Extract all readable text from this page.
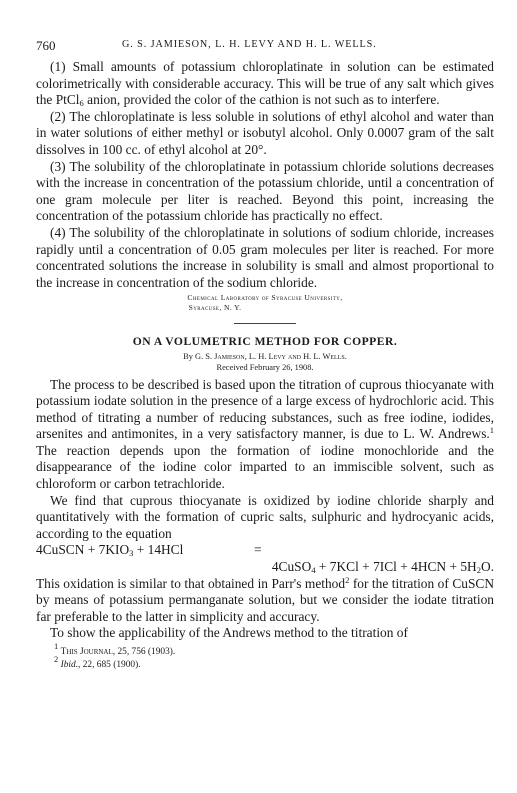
760	G. S. JAMIESON, L. H. LEVY AND H. L. WELLS.

(1) Small amounts of potassium chloroplatinate in solution can be estimated colorimetrically with considerable accuracy. This will be true of any salt which gives the PtCl$_6$ anion, provided the color of the cathion is not such as to interfere.

(2) The chloroplatinate is less soluble in solutions of ethyl alcohol and water than in water solutions of either methyl or isobutyl alcohol. Only 0.0007 gram of the salt dissolves in 100 cc. of ethyl alcohol at 20°.

(3) The solubility of the chloroplatinate in potassium chloride solutions decreases with the increase in concentration of the potassium chloride, until a concentration of one gram molecule per liter is reached. Beyond this point, increasing the concentration of the potassium chloride has practically no effect.

(4) The solubility of the chloroplatinate in solutions of sodium chloride, increases rapidly until a concentration of 0.05 gram molecules per liter is reached. For more concentrated solutions the increase in solubility is small and almost proportional to the increase in concentration of the sodium chloride.

Chemical Laboratory of Syracuse University,
Syracuse, N. Y.
ON A VOLUMETRIC METHOD FOR COPPER.
By G. S. Jamieson, L. H. Levy and H. L. Wells.
Received February 26, 1908.

The process to be described is based upon the titration of cuprous thiocyanate with potassium iodate solution in the presence of a large excess of hydrochloric acid. This method of titrating a number of reducing substances, such as free iodine, iodides, arsenites and antimonites, in a very satisfactory manner, is due to L. W. Andrews.$^1$ The reaction depends upon the formation of iodine monochloride and the disappearance of the iodine color imparted to an immiscible solvent, such as chloroform or carbon tetrachloride.

We find that cuprous thiocyanate is oxidized by iodine chloride sharply and quantitatively with the formation of cupric salts, sulphuric and hydrocyanic acids, according to the equation

4CuSCN + $7KIO_3 + 14HCl$	=
4CuSO$_4$ + $7KCl + 7ICl + 4HCN + 5H_2O$.

This oxidation is similar to that obtained in Parr's method$^2$ for the titration of CuSCN by means of potassium permanganate solution, but we consider the iodate titration far preferable to the latter in simplicity and accuracy.

To show the applicability of the Andrews method to the titration of

$^1$ This Journal, 25, 756 (1903).
$^2$ Ibid., 22, 685 (1900).
